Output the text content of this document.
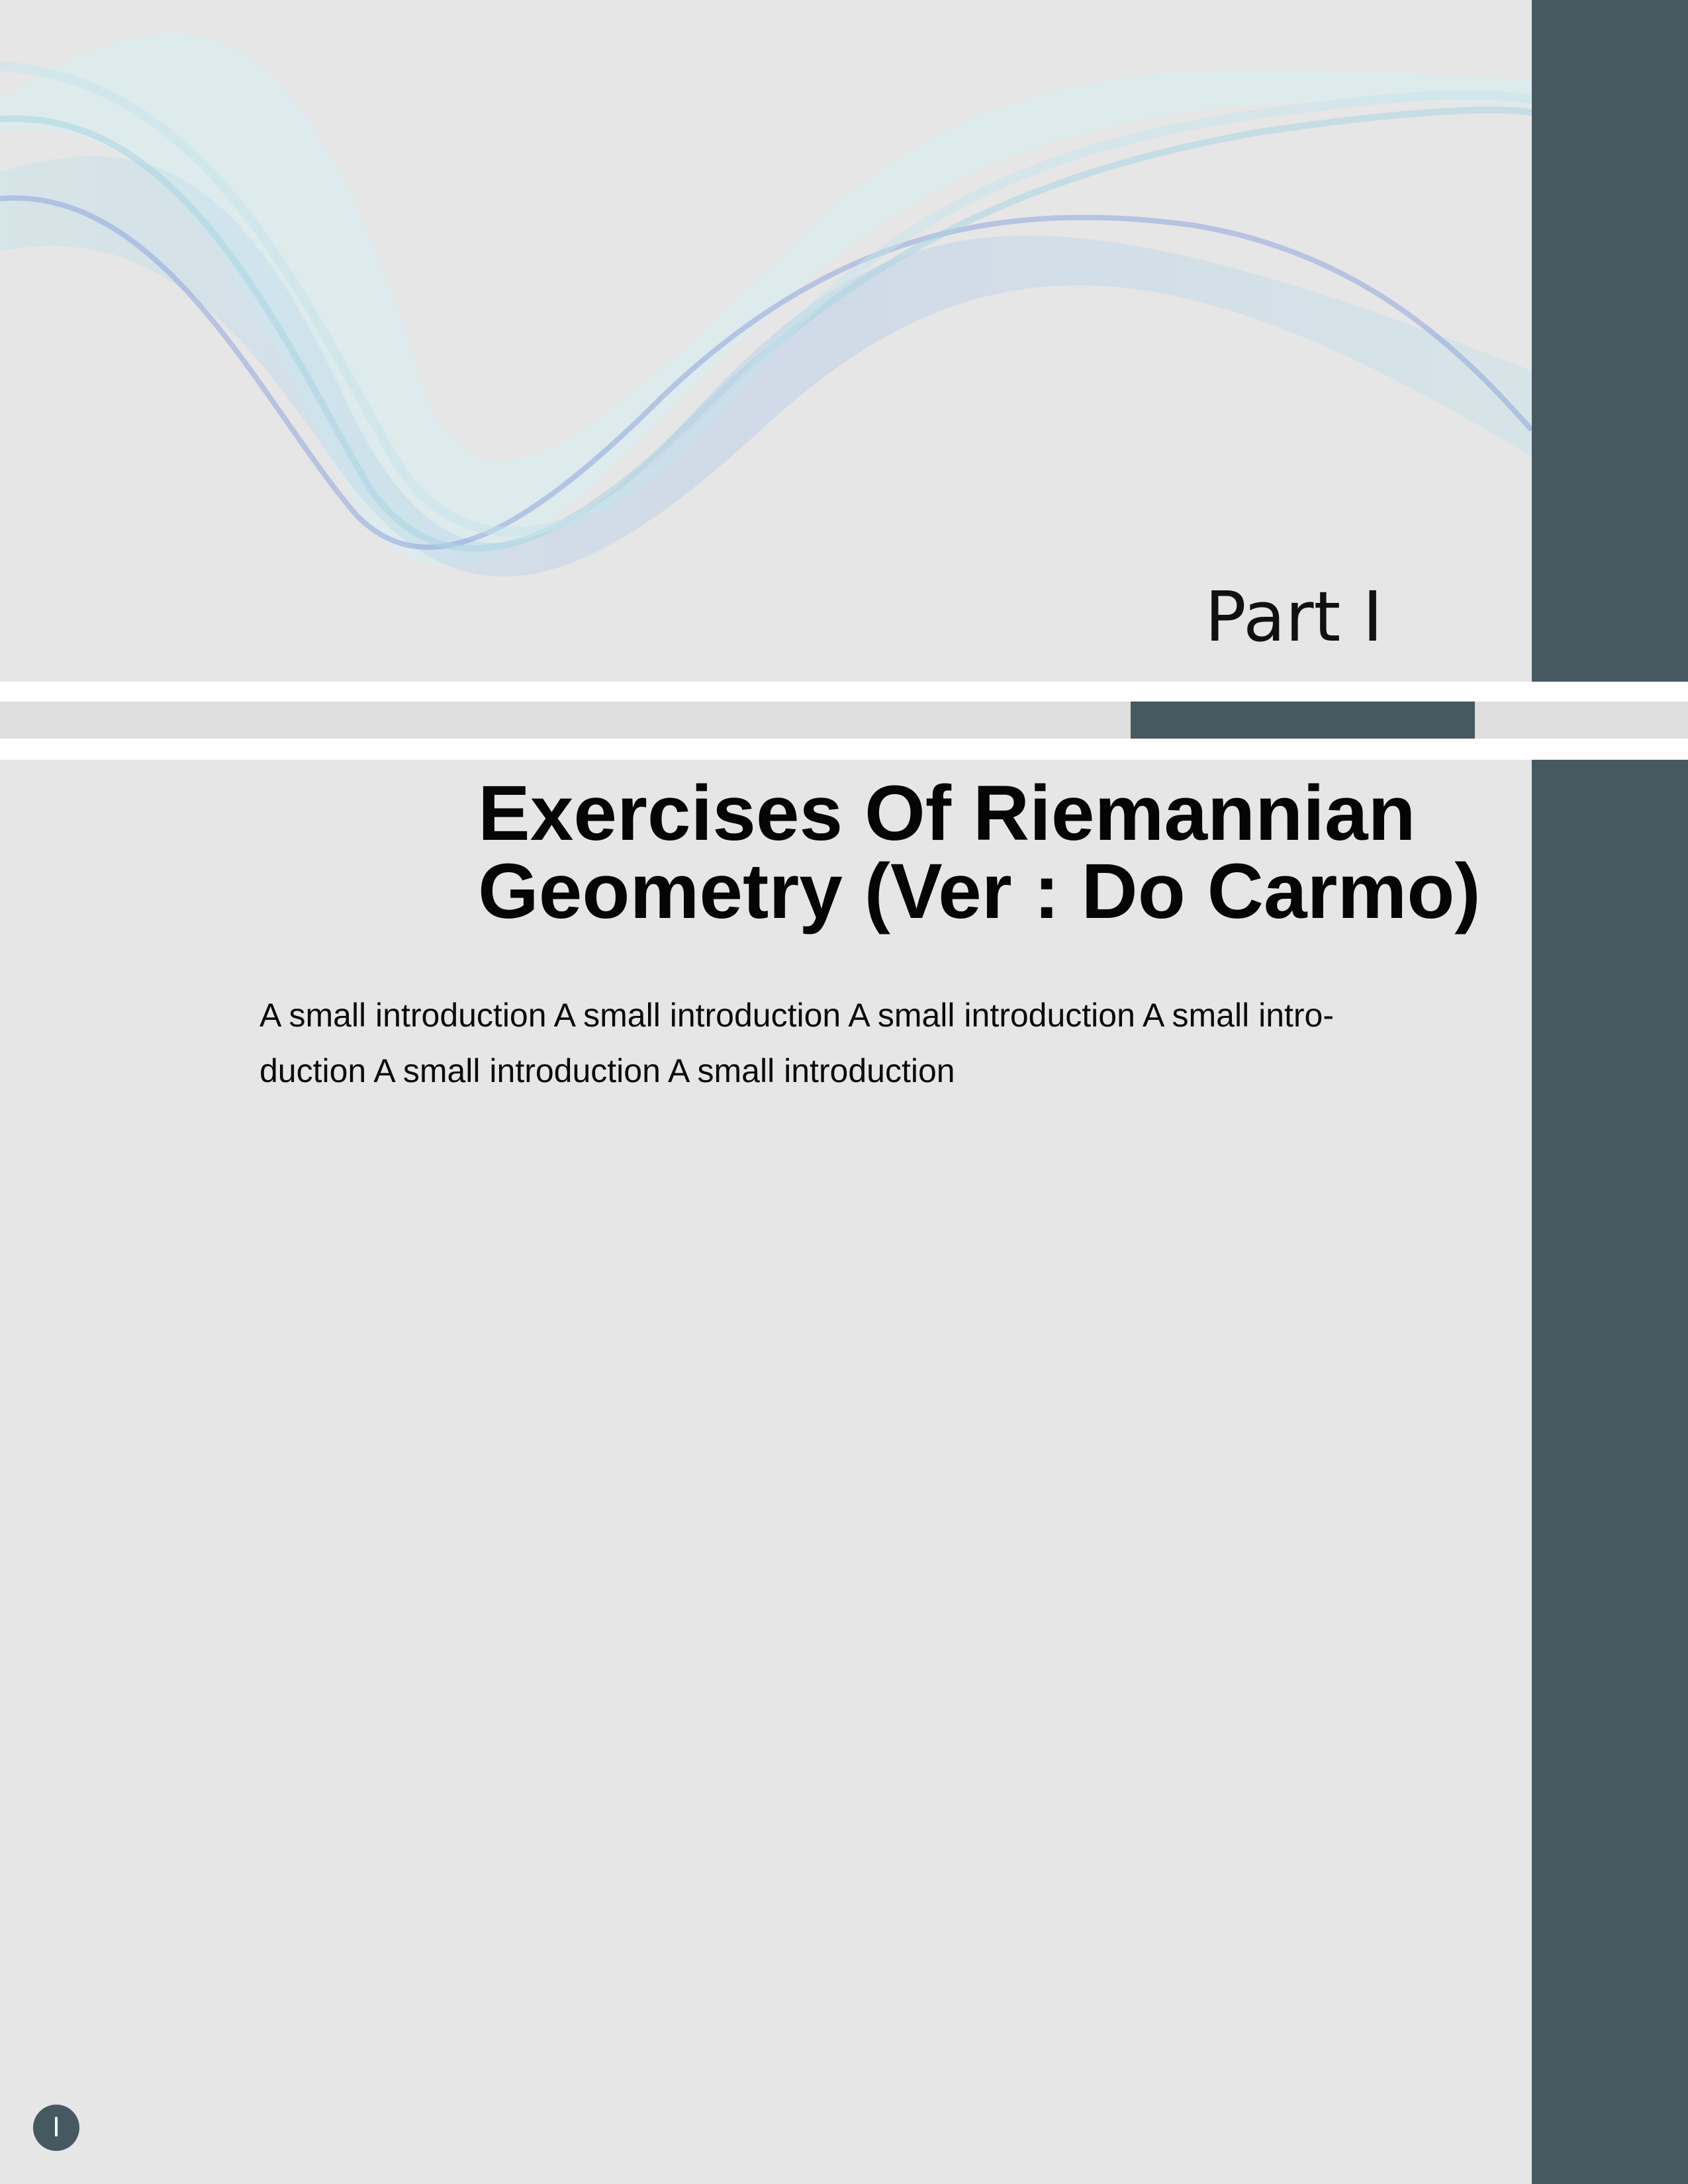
Part I
Exercises Of Riemannian
Geometry (Ver : Do Carmo)
A small introduction A small introduction A small introduction A small intro-
duction A small introduction A small introduction
I
